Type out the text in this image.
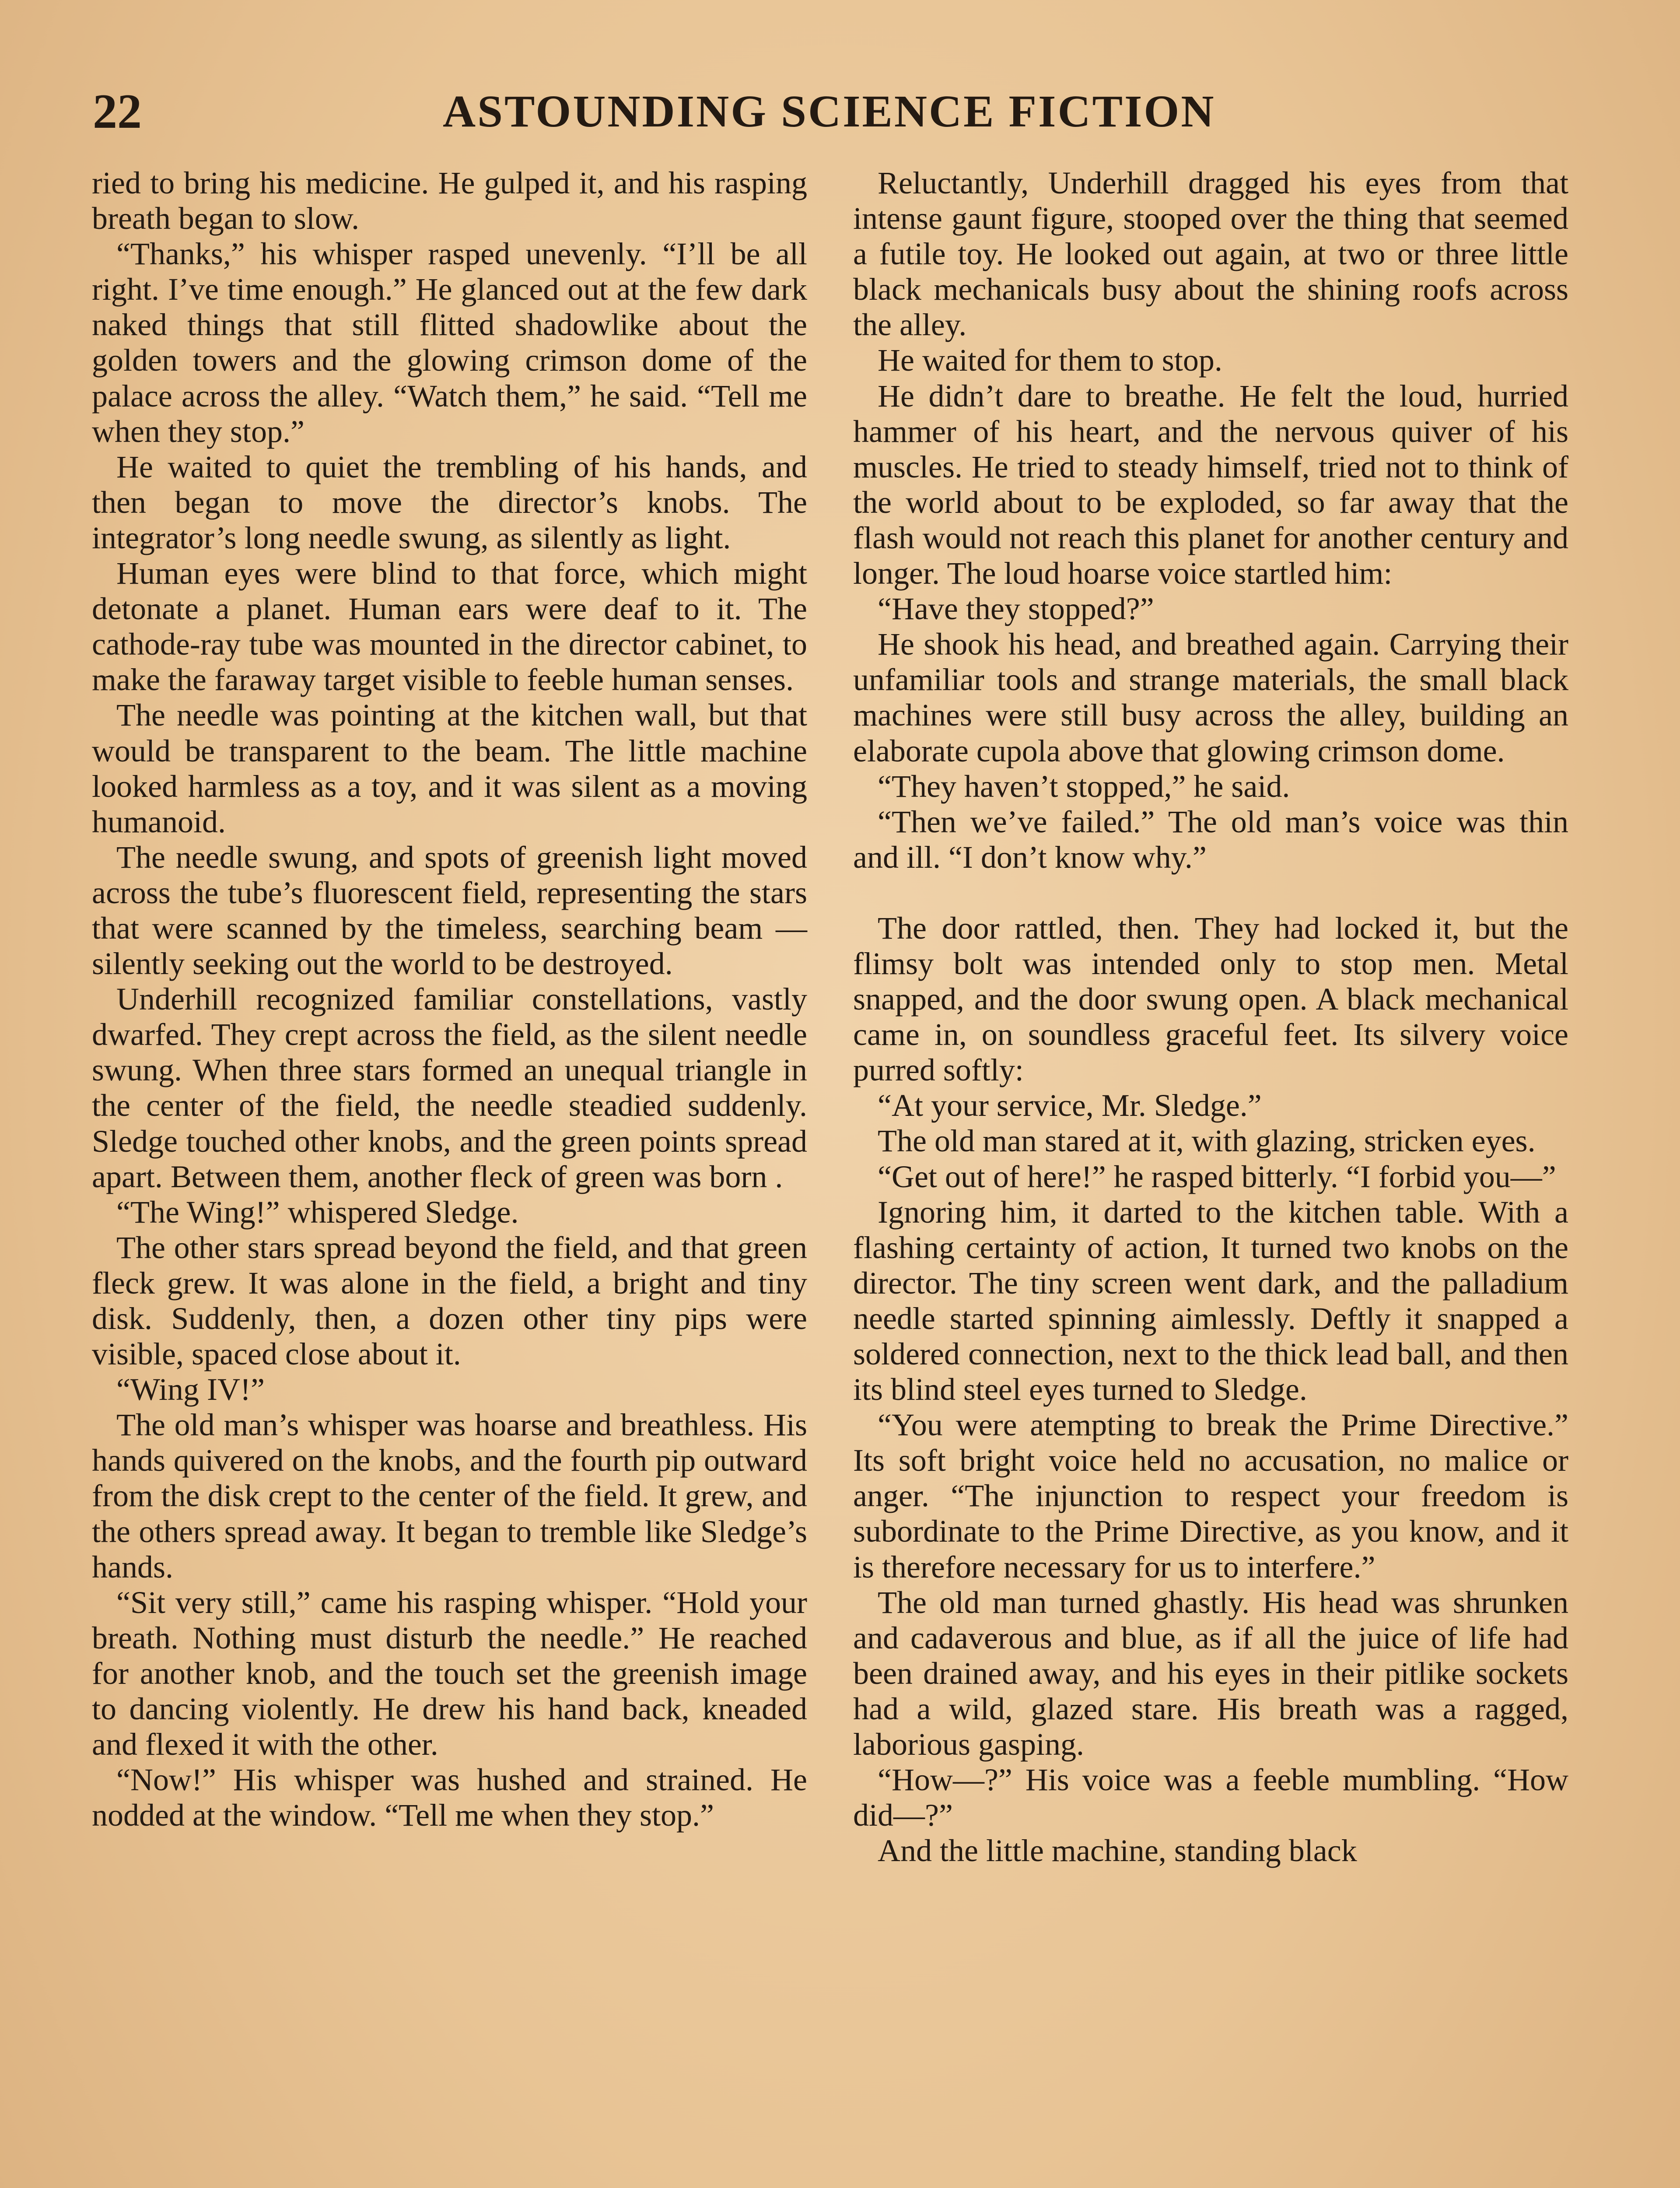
22	ASTOUNDING SCIENCE FICTION

ried to bring his medicine. He gulped it, and his rasping breath began to slow.

“Thanks,” his whisper rasped unevenly. “I’ll be all right. I’ve time enough.” He glanced out at the few dark naked things that still flitted shadowlike about the golden towers and the glowing crimson dome of the palace across the alley. “Watch them,” he said. “Tell me when they stop.”

He waited to quiet the trembling of his hands, and then began to move the director’s knobs. The integrator’s long needle swung, as silently as light.

Human eyes were blind to that force, which might detonate a planet. Human ears were deaf to it. The cathode-ray tube was mounted in the director cabinet, to make the faraway target visible to feeble human senses.

The needle was pointing at the kitchen wall, but that would be transparent to the beam. The little machine looked harmless as a toy, and it was silent as a moving humanoid.

The needle swung, and spots of greenish light moved across the tube’s fluorescent field, representing the stars that were scanned by the timeless, searching beam —silently seeking out the world to be destroyed.

Underhill recognized familiar constellations, vastly dwarfed. They crept across the field, as the silent needle swung. When three stars formed an unequal triangle in the center of the field, the needle steadied suddenly. Sledge touched other knobs, and the green points spread apart. Between them, another fleck of green was born .

“The Wing!” whispered Sledge.

The other stars spread beyond the field, and that green fleck grew. It was alone in the field, a bright and tiny disk. Suddenly, then, a dozen other tiny pips were visible, spaced close about it.

“Wing IV!”

The old man’s whisper was hoarse and breathless. His hands quivered on the knobs, and the fourth pip outward from the disk crept to the center of the field. It grew, and the others spread away. It began to tremble like Sledge’s hands.

“Sit very still,” came his rasping whisper. “Hold your breath. Nothing must disturb the needle.” He reached for another knob, and the touch set the greenish image to dancing violently. He drew his hand back, kneaded and flexed it with the other.

“Now!” His whisper was hushed and strained. He nodded at the window. “Tell me when they stop.”

Reluctantly, Underhill dragged his eyes from that intense gaunt figure, stooped over the thing that seemed a futile toy. He looked out again, at two or three little black mechanicals busy about the shining roofs across the alley.

He waited for them to stop.

He didn’t dare to breathe. He felt the loud, hurried hammer of his heart, and the nervous quiver of his muscles. He tried to steady himself, tried not to think of the world about to be exploded, so far away that the flash would not reach this planet for another century and longer. The loud hoarse voice startled him:

“Have they stopped?”

He shook his head, and breathed again. Carrying their unfamiliar tools and strange materials, the small black machines were still busy across the alley, building an elaborate cupola above that glowing crimson dome.

“They haven’t stopped,” he said.

“Then we’ve failed.” The old man’s voice was thin and ill. “I don’t know why.”

The door rattled, then. They had locked it, but the flimsy bolt was intended only to stop men. Metal snapped, and the door swung open. A black mechanical came in, on soundless graceful feet. Its silvery voice purred softly:

“At your service, Mr. Sledge.”

The old man stared at it, with glazing, stricken eyes.

“Get out of here!” he rasped bitterly. “I forbid you—”

Ignoring him, it darted to the kitchen table. With a flashing certainty of action, It turned two knobs on the director. The tiny screen went dark, and the palladium needle started spinning aimlessly. Deftly it snapped a soldered connection, next to the thick lead ball, and then its blind steel eyes turned to Sledge.

“You were atempting to break the Prime Directive.” Its soft bright voice held no accusation, no malice or anger. “The injunction to respect your freedom is subordinate to the Prime Directive, as you know, and it is therefore necessary for us to interfere.”

The old man turned ghastly. His head was shrunken and cadaverous and blue, as if all the juice of life had been drained away, and his eyes in their pitlike sockets had a wild, glazed stare. His breath was a ragged, laborious gasping.

“How—?” His voice was a feeble mumbling. “How did—?”

And the little machine, standing black
